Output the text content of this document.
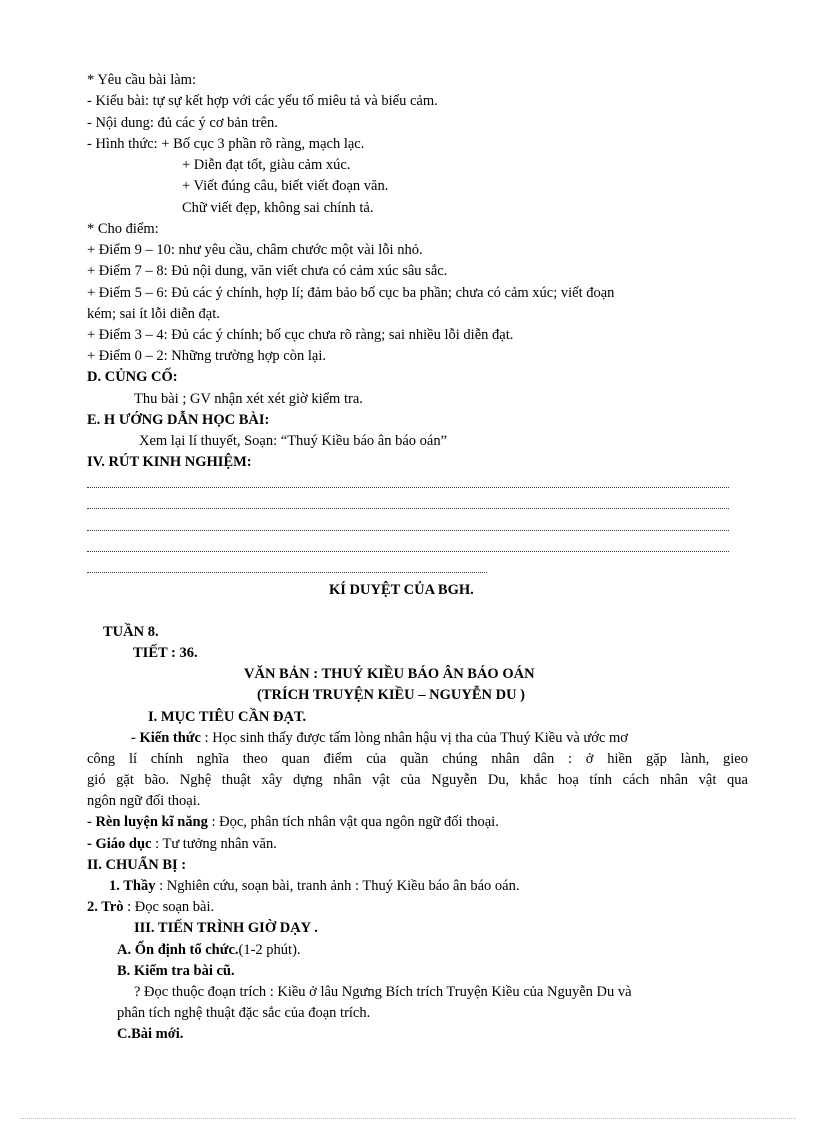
* Yêu cầu bài làm:
- Kiểu bài: tự sự kết hợp với các yếu tố miêu tả và biểu cảm.
- Nội dung: đủ các ý cơ bản trên.
- Hình thức: + Bố cục 3 phần rõ ràng, mạch lạc.
+ Diễn đạt tốt, giàu cảm xúc.
+ Viết đúng câu, biết viết đoạn văn.
Chữ viết đẹp, không sai chính tả.
* Cho điểm:
+ Điểm 9 – 10: như yêu cầu, châm chước một vài lỗi nhỏ.
+ Điểm 7 – 8: Đủ nội dung, văn viết chưa có cảm xúc sâu sắc.
+ Điểm 5 – 6: Đủ các ý chính, hợp lí; đảm bảo bố cục ba phần; chưa có cảm xúc; viết đoạn
kém; sai ít lỗi diễn đạt.
+ Điểm 3 – 4: Đủ các ý chính; bố cục chưa rõ ràng; sai nhiều lỗi diễn đạt.
+ Điểm 0 – 2: Những trường hợp còn lại.
D. CỦNG CỐ:
Thu bài ; GV nhận xét xét giờ kiểm tra.
E. H ƯỚNG DẪN HỌC BÀI:
Xem lại lí thuyết, Soạn: “Thuý Kiều báo ân báo oán”
IV. RÚT KINH NGHIỆM:
KÍ DUYỆT CỦA BGH.
TUẦN 8.
TIẾT : 36.
VĂN BẢN : THUÝ KIỀU BÁO ÂN BÁO OÁN
(TRÍCH TRUYỆN KIỀU – NGUYỄN DU )
I. MỤC TIÊU CẦN ĐẠT.
- Kiến thức : Học sinh thấy được tấm lòng nhân hậu vị tha của Thuý Kiều và ước mơ
công lí chính nghĩa theo quan điểm của quần chúng nhân dân : ở hiền gặp lành, gieo
gió gặt bão. Nghệ thuật xây dựng nhân vật của Nguyễn Du, khắc hoạ tính cách nhân vật qua
ngôn ngữ đối thoại.
- Rèn luyện kĩ năng : Đọc, phân tích nhân vật qua ngôn ngữ đối thoại.
- Giáo dục : Tư tưởng nhân văn.
II. CHUẨN BỊ :
1. Thầy : Nghiên cứu, soạn bài, tranh ảnh : Thuý Kiều báo ân báo oán.
2. Trò : Đọc soạn bài.
III. TIẾN TRÌNH GIỜ DẠY .
A. Ổn định tổ chức.(1-2 phút).
B. Kiểm tra bài cũ.
? Đọc thuộc đoạn trích : Kiều ở lâu Ngưng Bích trích Truyện Kiều của Nguyễn Du và
phân tích nghệ thuật đặc sắc của đoạn trích.
C.Bài mới.
